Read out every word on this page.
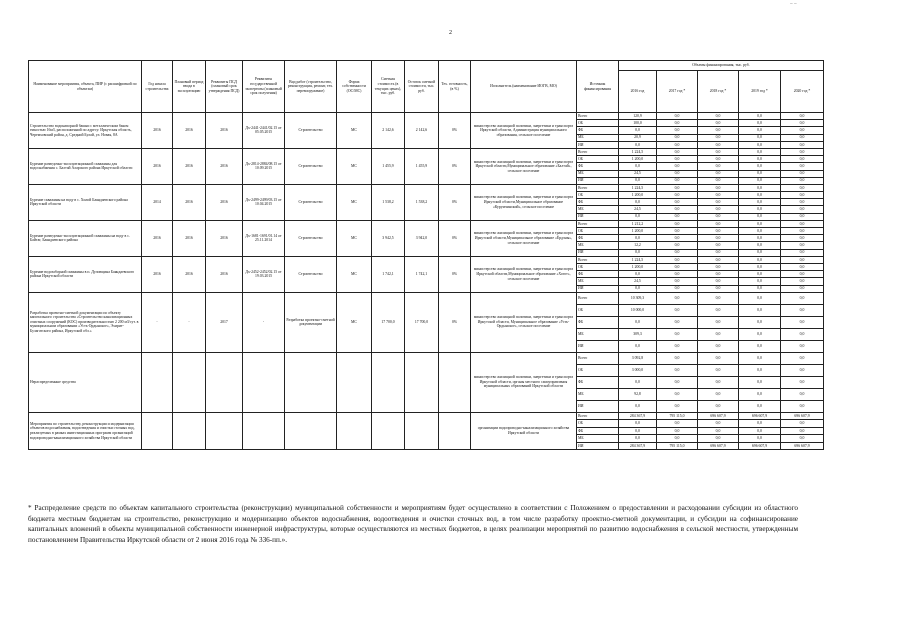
~ ~
2
Наименование мероприятия, объекта, ПИР (с расшифровкой по объектам)	Год начала строительства	Плановый период ввода в эксплуатацию	Реквизиты ПСД (плановый срок утверждения ПСД)	Реквизиты государственной экспертизы (плановый срок получения)	Вид работ (строительство, реконструкция, ремонт, тех. перевооружение)	Форма собственности (ОС/МС)	Сметная стоимость (в текущих ценах), тыс. руб.	Остаток сметной стоимости, тыс. руб.	Тех. готовность, (в %)	Исполнитель (наименование ИОГВ, МО)	Источник финансирования	Объемы финансирования, тыс. руб.				
												2016 год	2017 год *	2018 год *	2019 год *	2020 год *
Строительство водонапорной башни с металлическим баком емкостью 16м3, расположенной по адресу: Иркутская область, Черемховский район, д. Средний Булай, ул. Новая, 8А	2016	2016	2016	Дх-2441-2441/02.15 от 05.05.2015	Строительство	МС	2 142,6	2 142,6	0%	министерство жилищной политики, энергетики и транспорта Иркутской области, Администрация муниципального образования, сельское поселение	Всего	120,9	0,0	0,0	0,0	0,0
											ОБ	100,0	0,0	0,0	0,0	0,0
											ФБ	0,0	0,0	0,0	0,0	0,0
											МБ	20,9	0,0	0,0	0,0	0,0
											ИИ	0,0	0,0	0,0	0,0	0,0
Бурение разведочно-эксплуатационной скважины для водоснабжения с. Балтай Аларского района Иркутской области	2016	2016	2016	Дх-2814-2884/08.15 от 10.09.2015	Строительство	МС	1 455,9	1 455,9	0%	министерство жилищной политики, энергетики и транспорта Иркутской области,Муниципальное образование «Балтай», сельское поселение	Всего	1 224,5	0,0	0,0	0,0	0,0
											ОБ	1 200,0	0,0	0,0	0,0	0,0
											ФБ	0,0	0,0	0,0	0,0	0,0
											МБ	24,5	0,0	0,0	0,0	0,0
											ИИ	0,0	0,0	0,0	0,0	0,0
Бурение скважины на воду в с. Хилой Баяндаевского района Иркутской области	2014	2016	2016	Дх-2499-2499/03.15 от 10.04.2015	Строительство	МС	1 538,2	1 538,2	0%	министерство жилищной политики, энергетики и транспорта Иркутской области,Муниципальное образование «Курумчинский», сельское поселение	Всего	1 224,5	0,0	0,0	0,0	0,0
											ОБ	1 200,0	0,0	0,0	0,0	0,0
											ФБ	0,0	0,0	0,0	0,0	0,0
											МБ	24,5	0,0	0,0	0,0	0,0
											ИИ	0,0	0,0	0,0	0,0	0,0
Бурение разведочно-эксплуатационной скважины на воду в с. Байтаг, Баяндаевского района	2016	2016	2016	Дх-1681-1691/01.14 от 25.11.2014	Строительство	МС	3 942,5	3 942,0	0%	министерство жилищной политики, энергетики и транспорта Иркутской области,Муниципальное образование «Ёрдэны», сельское поселение	Всего	1 212,2	0,0	0,0	0,0	0,0
											ОБ	1 200,0	0,0	0,0	0,0	0,0
											ФБ	0,0	0,0	0,0	0,0	0,0
											МБ	12,2	0,0	0,0	0,0	0,0
											ИИ	0,0	0,0	0,0	0,0	0,0
Бурение водозаборной скважины в п. Дуловщина Баяндаевского района Иркутской области	2016	2016	2016	Дх-2452-2452/02.15 от 19.03.2015	Строительство	МС	1 742,1	1 742,1	0%	министерство жилищной политики, энергетики и транспорта Иркутской области,Муниципальное образование «Хогот», сельское поселение	Всего	1 224,5	0,0	0,0	0,0	0,0
											ОБ	1 200,0	0,0	0,0	0,0	0,0
											ФБ	0,0	0,0	0,0	0,0	0,0
											МБ	24,5	0,0	0,0	0,0	0,0
											ИИ	0,0	0,0	0,0	0,0	0,0
Разработка проектно-сметной документации по объекту капитального строительства «Строительство канализационных очистных сооружений (КОС) производительностью 2 200 м3/сут. в муниципальном образовании «Усть-Ордынское», Эхирит-Булагатского района, Иркутской обл.»	-	-	2017	-	Разработка проектно-сметной документации	МС	17 700,0	17 700,0	0%	министерство жилищной политики, энергетики и транспорта Иркутской области, Муниципальное образование «Усть-Ордынское», сельское поселение	Всего	10 309,3	0,0	0,0	0,0	0,0
											ОБ	10 000,0	0,0	0,0	0,0	0,0
											ФБ	0,0	0,0	0,0	0,0	0,0
											МБ	309,3	0,0	0,0	0,0	0,0
											ИИ	0,0	0,0	0,0	0,0	0,0
Нераспределенные средства										министерство жилищной политики, энергетики и транспорта Иркутской области, органы местного самоуправления муниципальных образований Иркутской области	Всего	3 092,8	0,0	0,0	0,0	0,0
											ОБ	3 000,0	0,0	0,0	0,0	0,0
											ФБ	0,0	0,0	0,0	0,0	0,0
											МБ	92,8	0,0	0,0	0,0	0,0
											ИИ	0,0	0,0	0,0	0,0	0,0
Мероприятия по строительству, реконструкции и модернизации объектов водоснабжения, водоотведения и очистки сточных вод, реализуемых в рамках инвестиционных программ организаций водопроводно-канализационного хозяйства Иркутской области										организации водопроводно-канализационного хозяйства Иркутской области	Всего	284 367,9	795 115,0	696 607,9	696 607,9	696 607,9
											ОБ	0,0	0,0	0,0	0,0	0,0
											ФБ	0,0	0,0	0,0	0,0	0,0
											МБ	0,0	0,0	0,0	0,0	0,0
											ИИ	284 367,9	795 115,0	696 607,9	696 607,9	696 607,9
* Распределение средств по объектам капитального строительства (реконструкции) муниципальной собственности и мероприятиям будет осуществлено в соответствии с Положением о предоставлении и расходовании субсидии из областного бюджета местным бюджетам на строительство, реконструкцию и модернизацию объектов водоснабжения, водоотведения и очистки сточных вод, в том числе разработку проектно-сметной документации, и субсидии на софинансирование капитальных вложений в объекты муниципальной собственности инженерной инфраструктуры, которые осуществляются из местных бюджетов, в целях реализации мероприятий по развитию водоснабжения в сельской местности, утвержденным постановлением Правительства Иркутской области от 2 июня 2016 года № 336-пп.».
